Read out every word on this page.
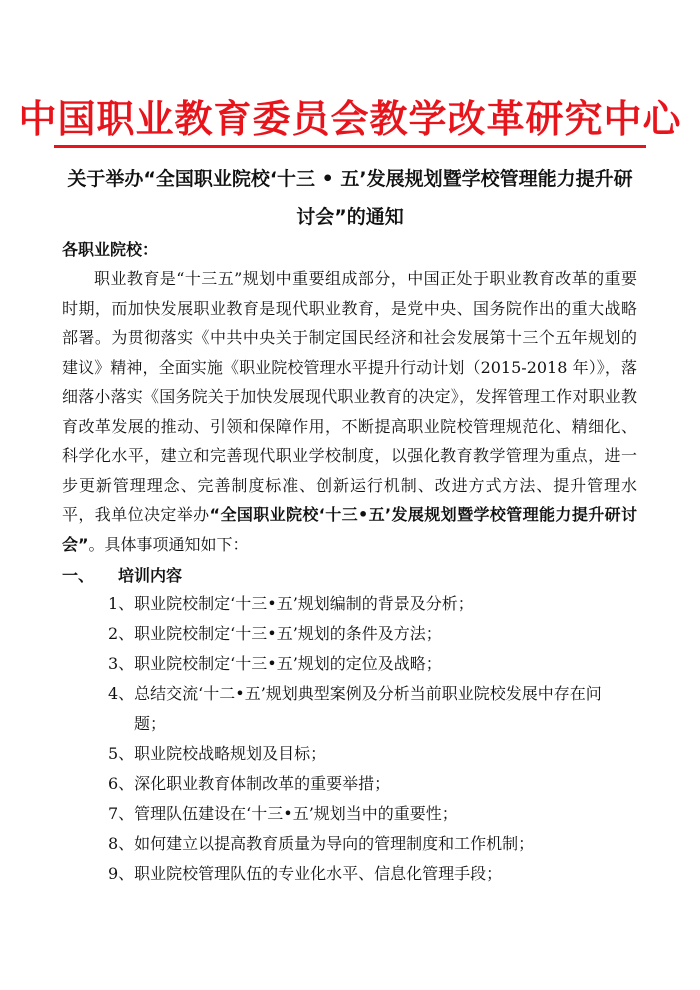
中国职业教育委员会教学改革研究中心
关于举办“全国职业院校‘十三 • 五’发展规划暨学校管理能力提升研讨会”的通知
各职业院校：
职业教育是“十三五”规划中重要组成部分，中国正处于职业教育改革的重要时期，而加快发展职业教育是现代职业教育，是党中央、国务院作出的重大战略部署。为贯彻落实《中共中央关于制定国民经济和社会发展第十三个五年规划的建议》精神，全面实施《职业院校管理水平提升行动计划（2015-2018 年）》，落细落小落实《国务院关于加快发展现代职业教育的决定》，发挥管理工作对职业教育改革发展的推动、引领和保障作用，不断提高职业院校管理规范化、精细化、科学化水平，建立和完善现代职业学校制度，以强化教育教学管理为重点，进一步更新管理理念、完善制度标准、创新运行机制、改进方式方法、提升管理水平，我单位决定举办“全国职业院校‘十三•五’发展规划暨学校管理能力提升研讨会”。具体事项通知如下：
一、 培训内容
1、职业院校制定‘十三•五’规划编制的背景及分析；
2、职业院校制定‘十三•五’规划的条件及方法；
3、职业院校制定‘十三•五’规划的定位及战略；
4、总结交流‘十二•五’规划典型案例及分析当前职业院校发展中存在问题；
5、职业院校战略规划及目标；
6、深化职业教育体制改革的重要举措；
7、管理队伍建设在‘十三•五’规划当中的重要性；
8、如何建立以提高教育质量为导向的管理制度和工作机制；
9、职业院校管理队伍的专业化水平、信息化管理手段；
